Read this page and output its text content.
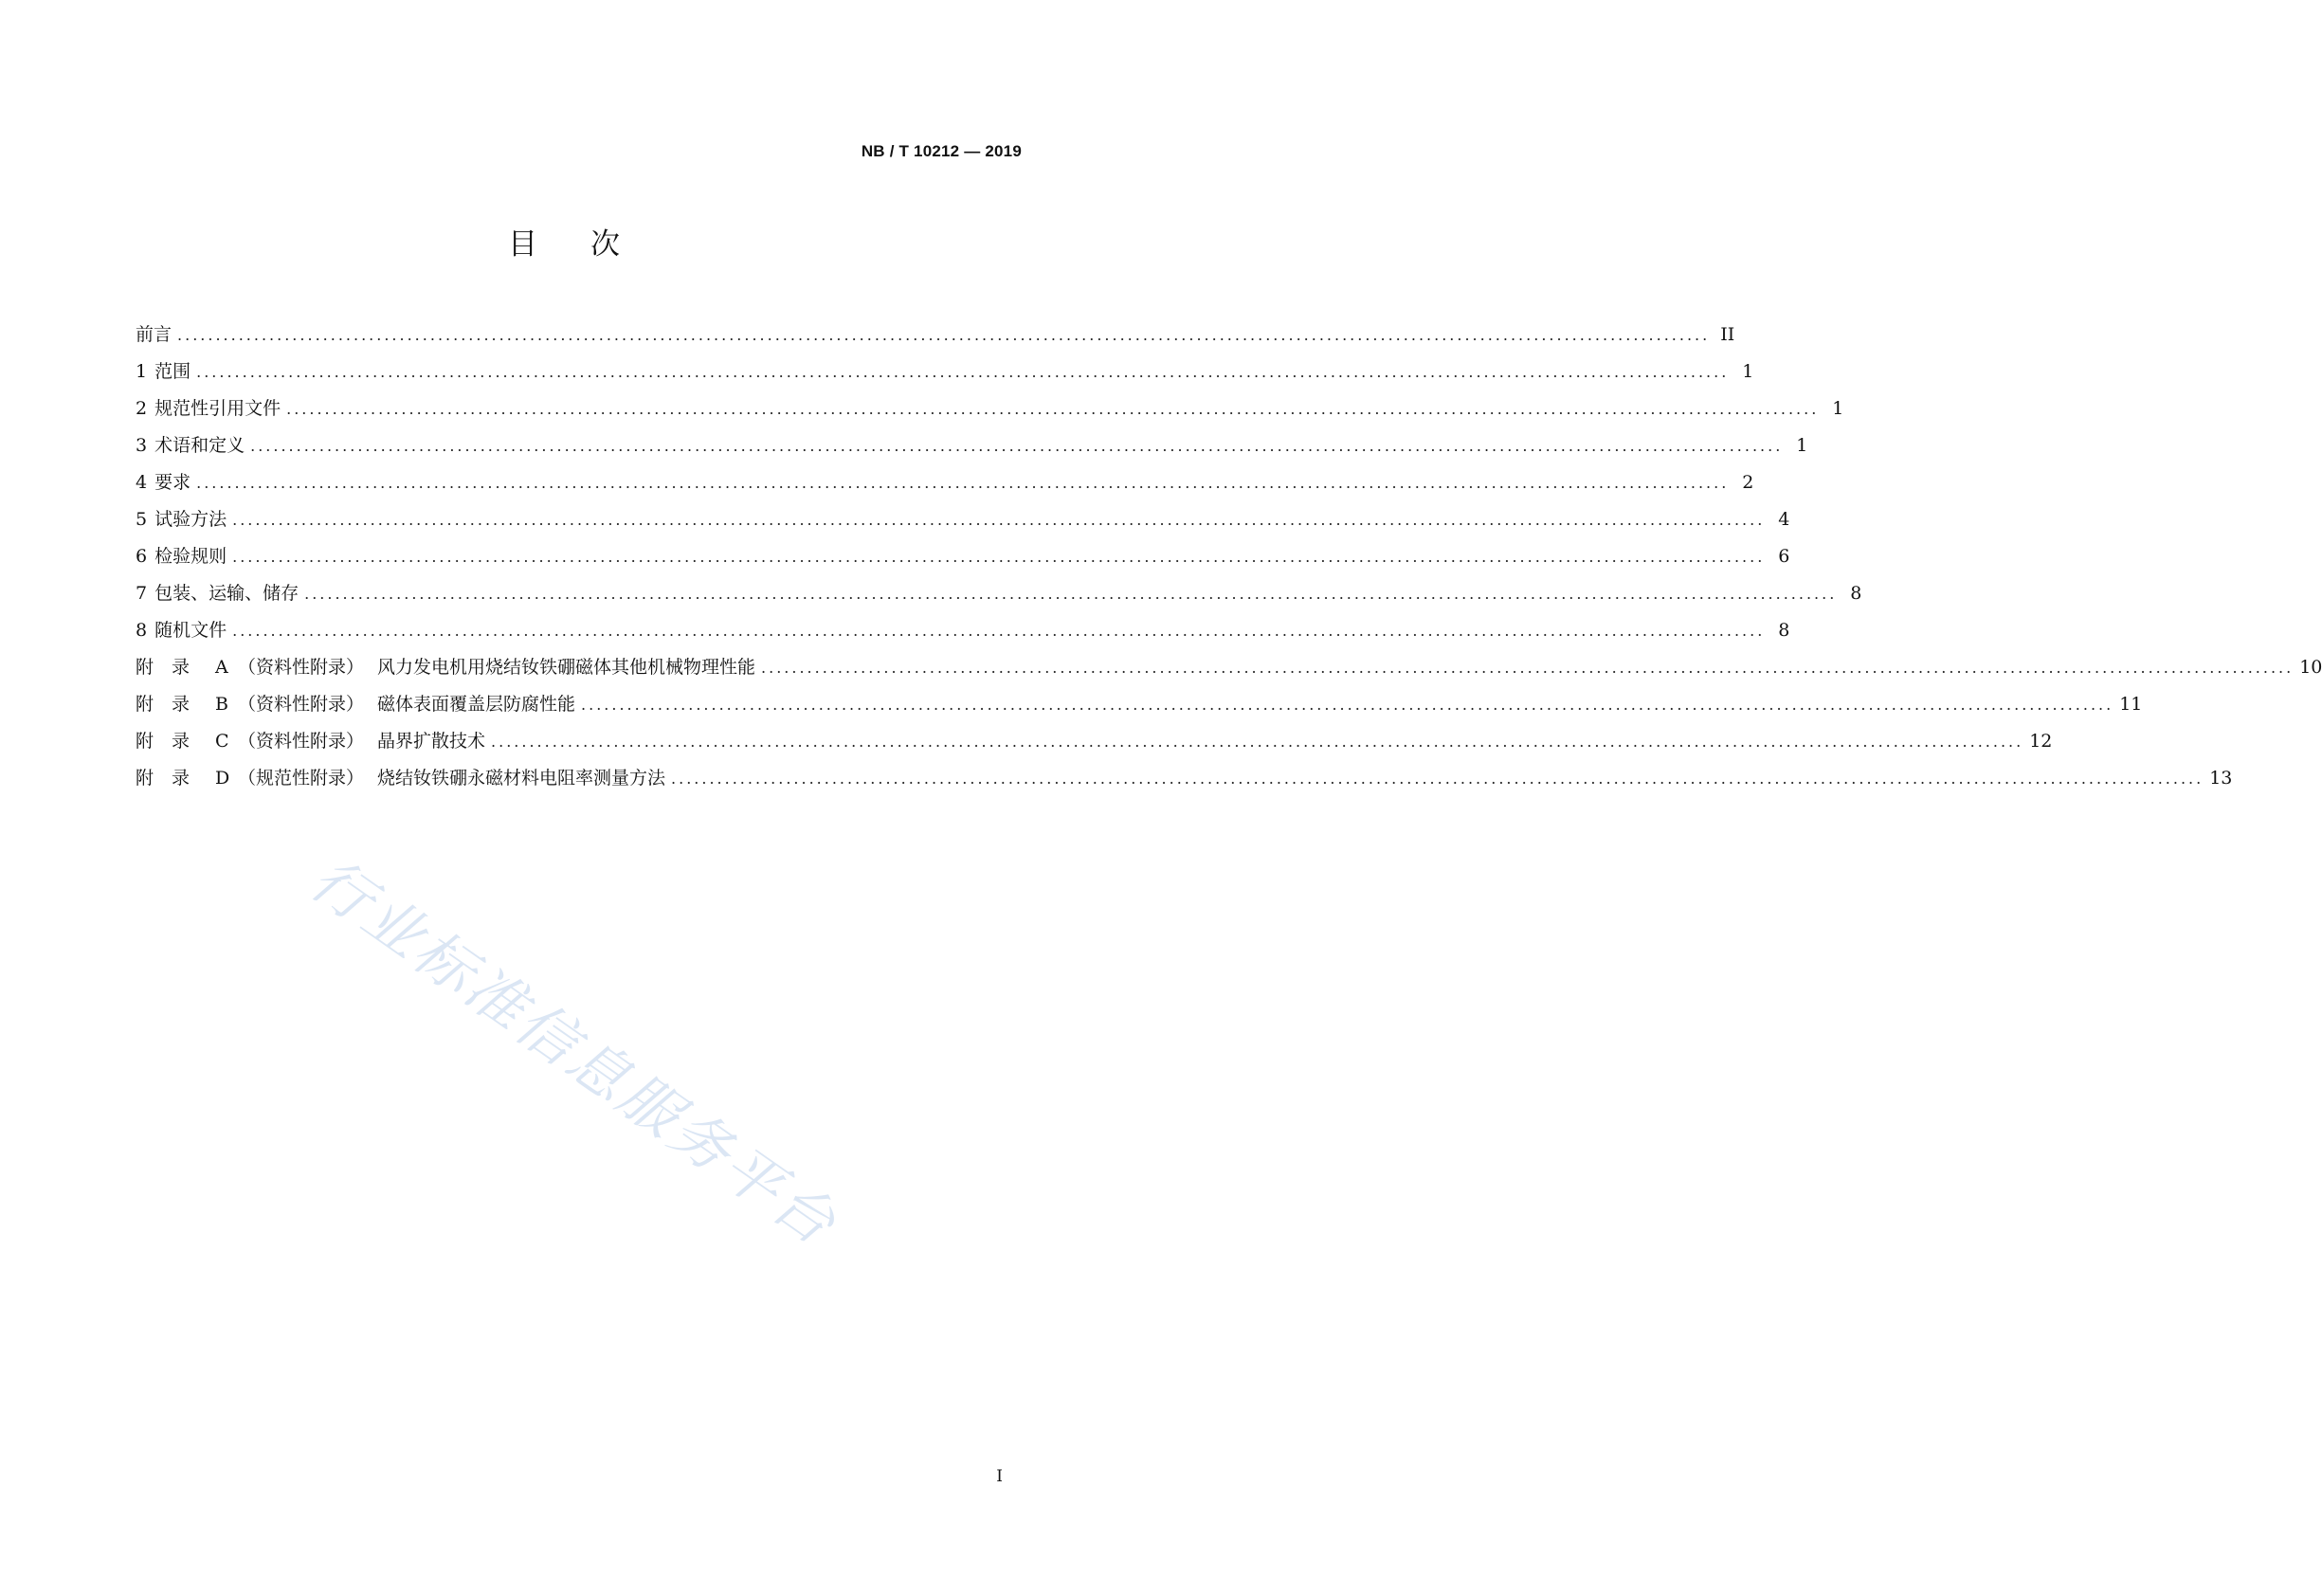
NB / T 10212 — 2019
目次
前言 ........................................................................................................................................................................................................ II
1 范围 ........................................................................................................................................................................................................ 1
2 规范性引用文件 ........................................................................................................................................................................................................ 1
3 术语和定义 ........................................................................................................................................................................................................ 1
4 要求 ........................................................................................................................................................................................................ 2
5 试验方法 ........................................................................................................................................................................................................ 4
6 检验规则 ........................................................................................................................................................................................................ 6
7 包装、运输、储存 ........................................................................................................................................................................................................ 8
8 随机文件 ........................................................................................................................................................................................................ 8
附　录 A （资料性附录） 风力发电机用烧结钕铁硼磁体其他机械物理性能 ........................................................................................................................................................................................................ 10
附　录 B （资料性附录） 磁体表面覆盖层防腐性能 ........................................................................................................................................................................................................ 11
附　录 C （资料性附录） 晶界扩散技术 ........................................................................................................................................................................................................ 12
附　录 D （规范性附录） 烧结钕铁硼永磁材料电阻率测量方法 ........................................................................................................................................................................................................ 13
行业标准信息服务平台
I
